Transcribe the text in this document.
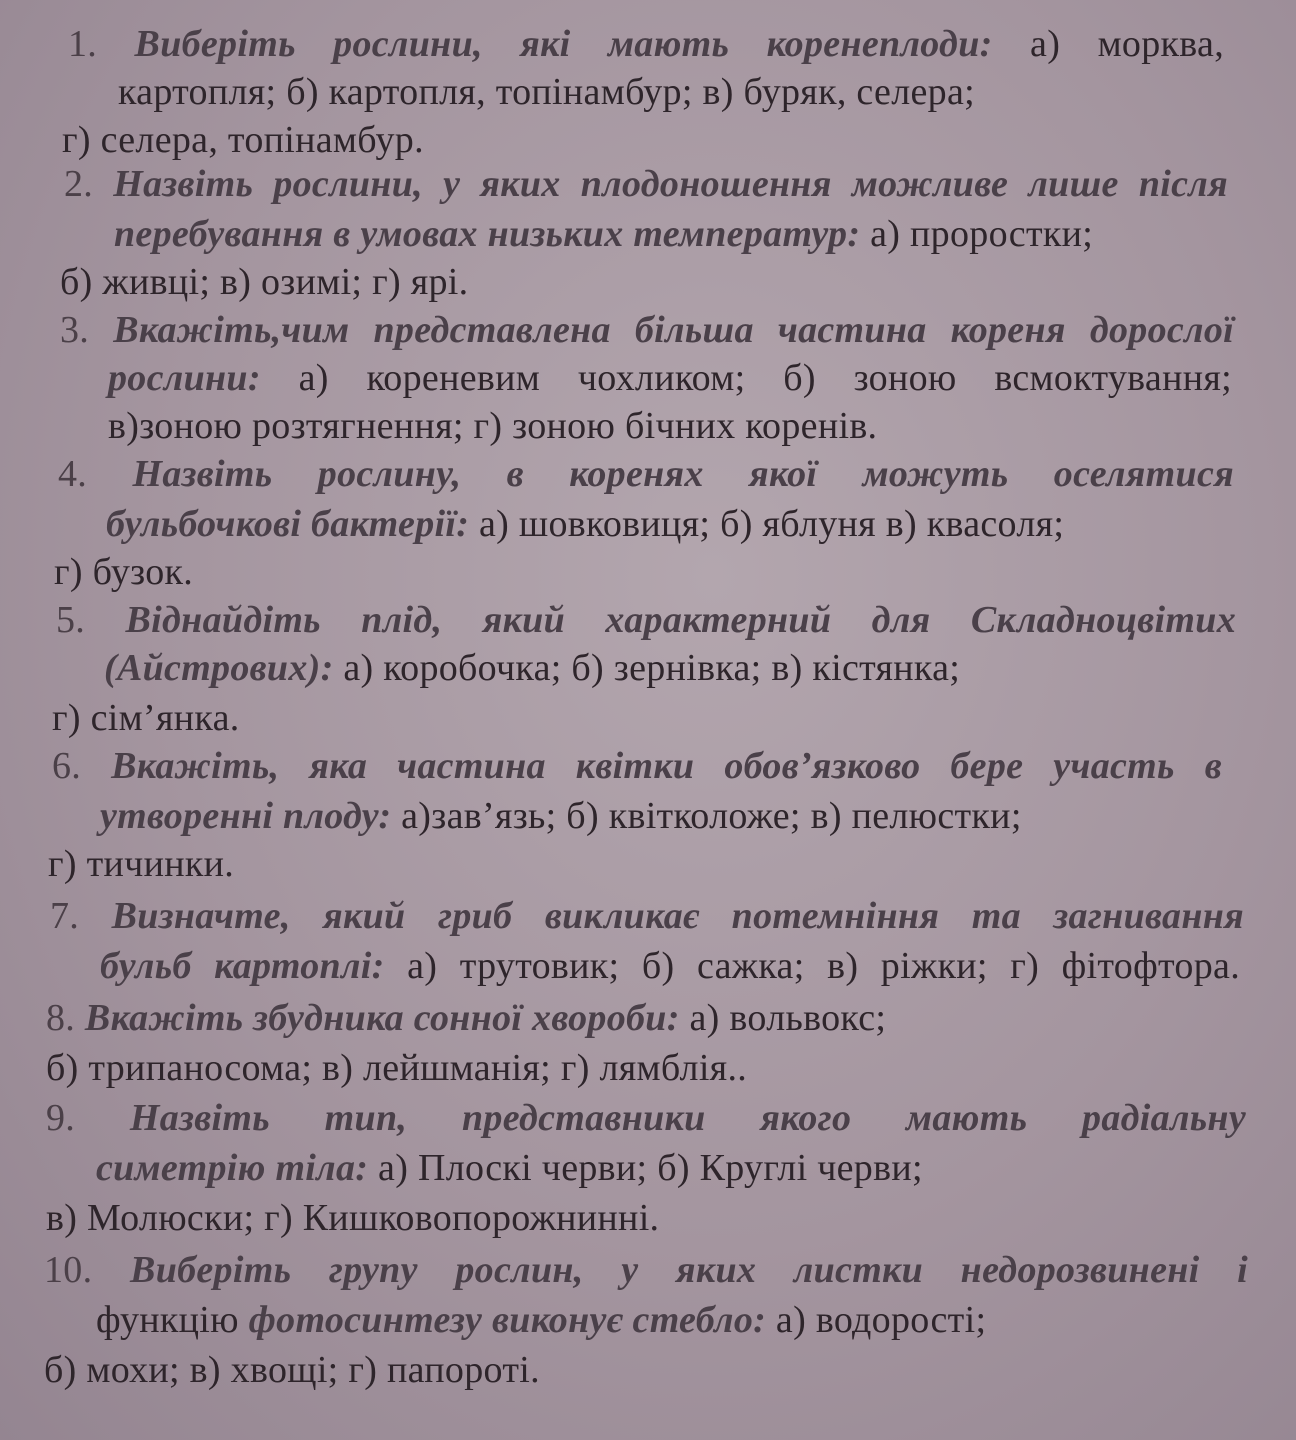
1. Виберіть рослини, які мають коренеплоди: а) морква,
картопля; б) картопля, топінамбур; в) буряк, селера;
г) селера, топінамбур.
2. Назвіть рослини, у яких плодоношення можливе лише після
перебування в умовах низьких температур: а) проростки;
б) живці; в) озимі; г) ярі.
3. Вкажіть,чим представлена більша частина кореня дорослої
рослини: а) кореневим чохликом; б) зоною всмоктування;
в)зоною розтягнення; г) зоною бічних коренів.
4. Назвіть рослину, в коренях якої можуть оселятися
бульбочкові бактерії: а) шовковиця; б) яблуня в) квасоля;
г) бузок.
5. Віднайдіть плід, який характерний для Складноцвітих
(Айстрових): а) коробочка; б) зернівка; в) кістянка;
г) сім’янка.
6. Вкажіть, яка частина квітки обов’язково бере участь в
утворенні плоду: а)зав’язь; б) квітколоже; в) пелюстки;
г) тичинки.
7. Визначте, який гриб викликає потемніння та загнивання
бульб картоплі: а) трутовик; б) сажка; в) ріжки; г) фітофтора.
8. Вкажіть збудника сонної хвороби: а) вольвокс;
б) трипаносома; в) лейшманія; г) лямблія..
9. Назвіть тип, представники якого мають радіальну
симетрію тіла: а) Плоскі черви; б) Круглі черви;
в) Молюски; г) Кишковопорожнинні.
10. Виберіть групу рослин, у яких листки недорозвинені і
функцію фотосинтезу виконує стебло: а) водорості;
б) мохи; в) хвощі; г) папороті.
